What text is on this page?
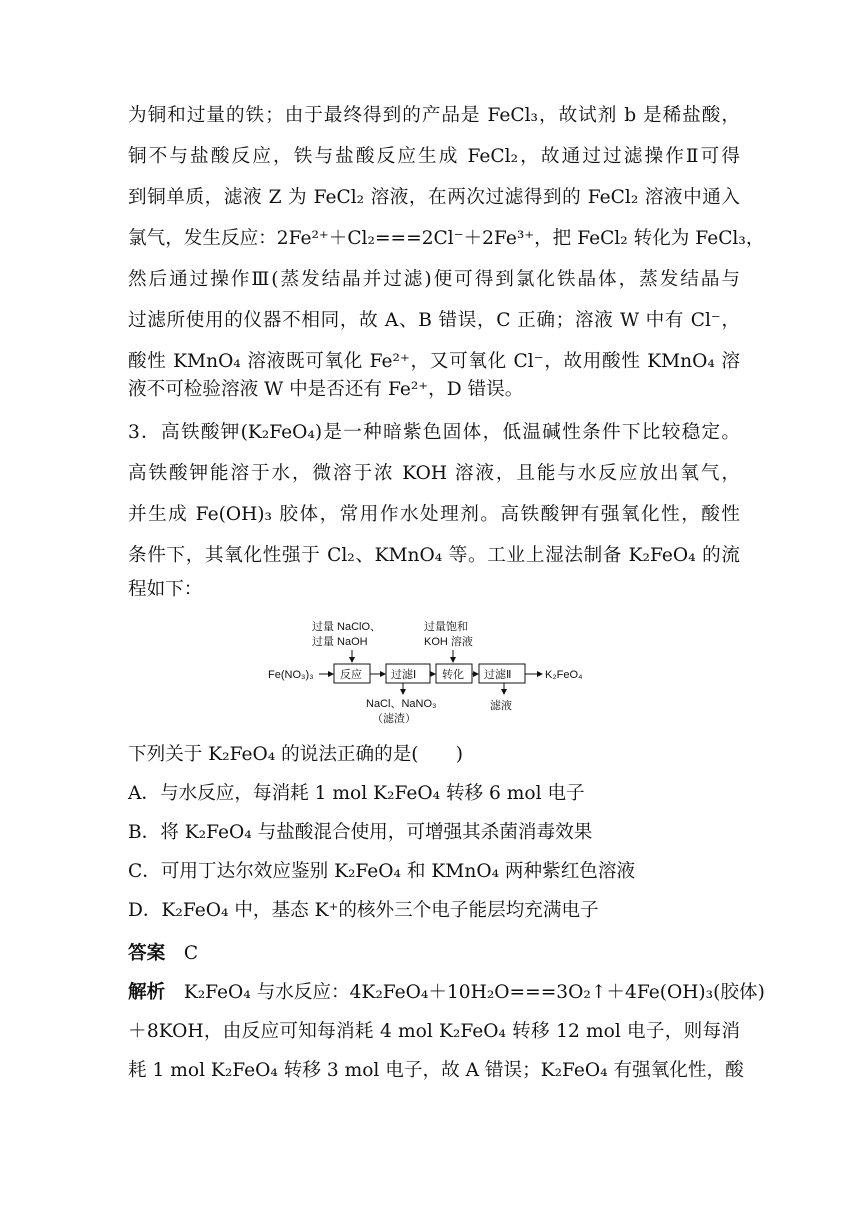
为铜和过量的铁；由于最终得到的产品是 FeCl₃，故试剂 b 是稀盐酸，
铜不与盐酸反应，铁与盐酸反应生成 FeCl₂，故通过过滤操作Ⅱ可得
到铜单质，滤液 Z 为 FeCl₂ 溶液，在两次过滤得到的 FeCl₂ 溶液中通入
氯气，发生反应：2Fe²⁺＋Cl₂===2Cl⁻＋2Fe³⁺，把 FeCl₂ 转化为 FeCl₃，
然后通过操作Ⅲ(蒸发结晶并过滤)便可得到氯化铁晶体，蒸发结晶与
过滤所使用的仪器不相同，故 A、B 错误，C 正确；溶液 W 中有 Cl⁻，
酸性 KMnO₄ 溶液既可氧化 Fe²⁺，又可氧化 Cl⁻，故用酸性 KMnO₄ 溶
液不可检验溶液 W 中是否还有 Fe²⁺，D 错误。
3．高铁酸钾(K₂FeO₄)是一种暗紫色固体，低温碱性条件下比较稳定。
高铁酸钾能溶于水，微溶于浓 KOH 溶液，且能与水反应放出氧气，
并生成 Fe(OH)₃ 胶体，常用作水处理剂。高铁酸钾有强氧化性，酸性
条件下，其氧化性强于 Cl₂、KMnO₄ 等。工业上湿法制备 K₂FeO₄ 的流
程如下：
过量 NaClO、
过量 NaOH
过量饱和
KOH 溶液
Fe(NO₃)₃ 反应	过滤Ⅰ 转化 过滤Ⅱ	K₂FeO₄
NaCl、NaNO₃
（滤渣）
滤液
下列关于 K₂FeO₄ 的说法正确的是(　　)
A．与水反应，每消耗 1 mol K₂FeO₄ 转移 6 mol 电子
B．将 K₂FeO₄ 与盐酸混合使用，可增强其杀菌消毒效果
C．可用丁达尔效应鉴别 K₂FeO₄ 和 KMnO₄ 两种紫红色溶液
D．K₂FeO₄ 中，基态 K⁺的核外三个电子能层均充满电子
答案　 C
解析　 K₂FeO₄ 与水反应：4K₂FeO₄＋10H₂O===3O₂↑＋4Fe(OH)₃(胶体)
＋8KOH，由反应可知每消耗 4 mol K₂FeO₄ 转移 12 mol 电子，则每消
耗 1 mol K₂FeO₄ 转移 3 mol 电子，故 A 错误；K₂FeO₄ 有强氧化性，酸
